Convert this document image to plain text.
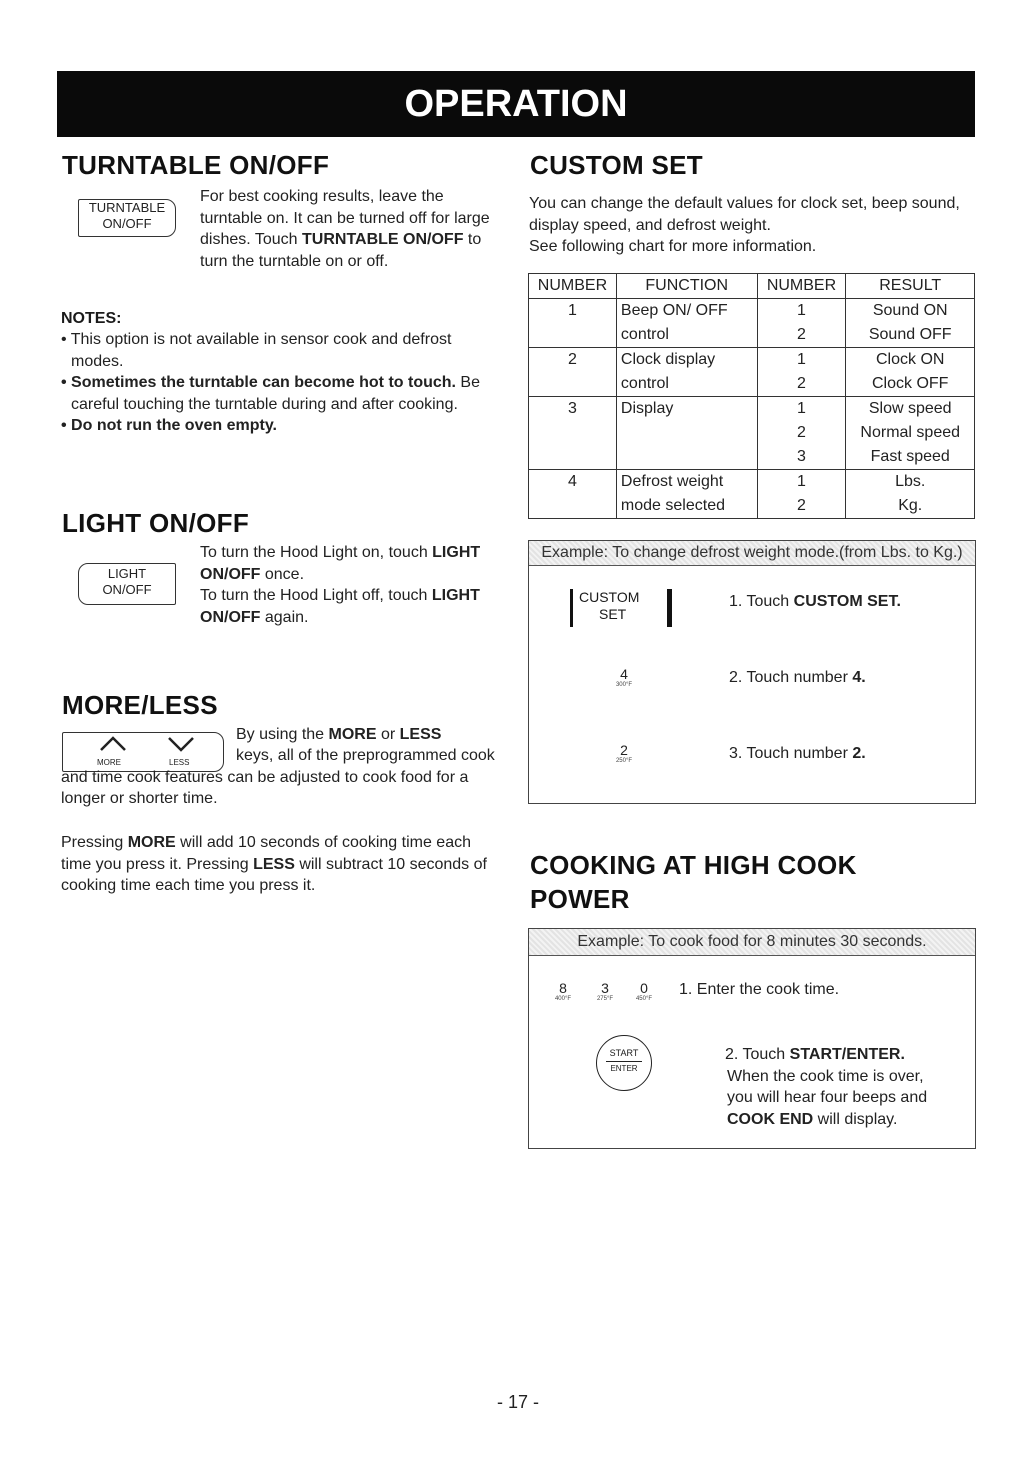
OPERATION
TURNTABLE ON/OFF
TURNTABLE
ON/OFF
For best cooking results, leave the turntable on. It can be turned off for large dishes. Touch TURNTABLE ON/OFF to turn the turntable on or off.
NOTES:
• This option is not available in sensor cook and defrost modes.
• Sometimes the turntable can become hot to touch. Be careful touching the turntable during and after cooking.
• Do not run the oven empty.
LIGHT ON/OFF
LIGHT
ON/OFF
To turn the Hood Light on, touch LIGHT ON/OFF once.
To turn the Hood Light off, touch LIGHT ON/OFF again.
MORE/LESS
MORE	LESS
By using the MORE or LESS
keys, all of the preprogrammed cook and time cook features can be adjusted to cook food for a longer or shorter time.
Pressing MORE will add 10 seconds of cooking time each time you press it. Pressing LESS will subtract 10 seconds of cooking time each time you press it.
CUSTOM SET
You can change the default values for clock set, beep sound, display speed, and defrost weight.
See following chart for more information.
NUMBER	FUNCTION	NUMBER	RESULT
1	Beep ON/ OFF	1	Sound ON
	control	2	Sound OFF
2	Clock display	1	Clock ON
	control	2	Clock OFF
3	Display	1	Slow speed
		2	Normal speed
		3	Fast speed
4	Defrost weight	1	Lbs.
	mode selected	2	Kg.
Example: To change defrost weight mode.(from Lbs. to Kg.)
CUSTOM
SET
1. Touch CUSTOM SET.
4
300°F	2. Touch number 4.
2
250°F	3. Touch number 2.
COOKING AT HIGH COOK
POWER
Example: To cook food for 8 minutes 30 seconds.
8
400°F
3
275°F
0
450°F
1. Enter the cook time.
START
ENTER
2. Touch START/ENTER.
When the cook time is over,
you will hear four beeps and
COOK END will display.
- 17 -
